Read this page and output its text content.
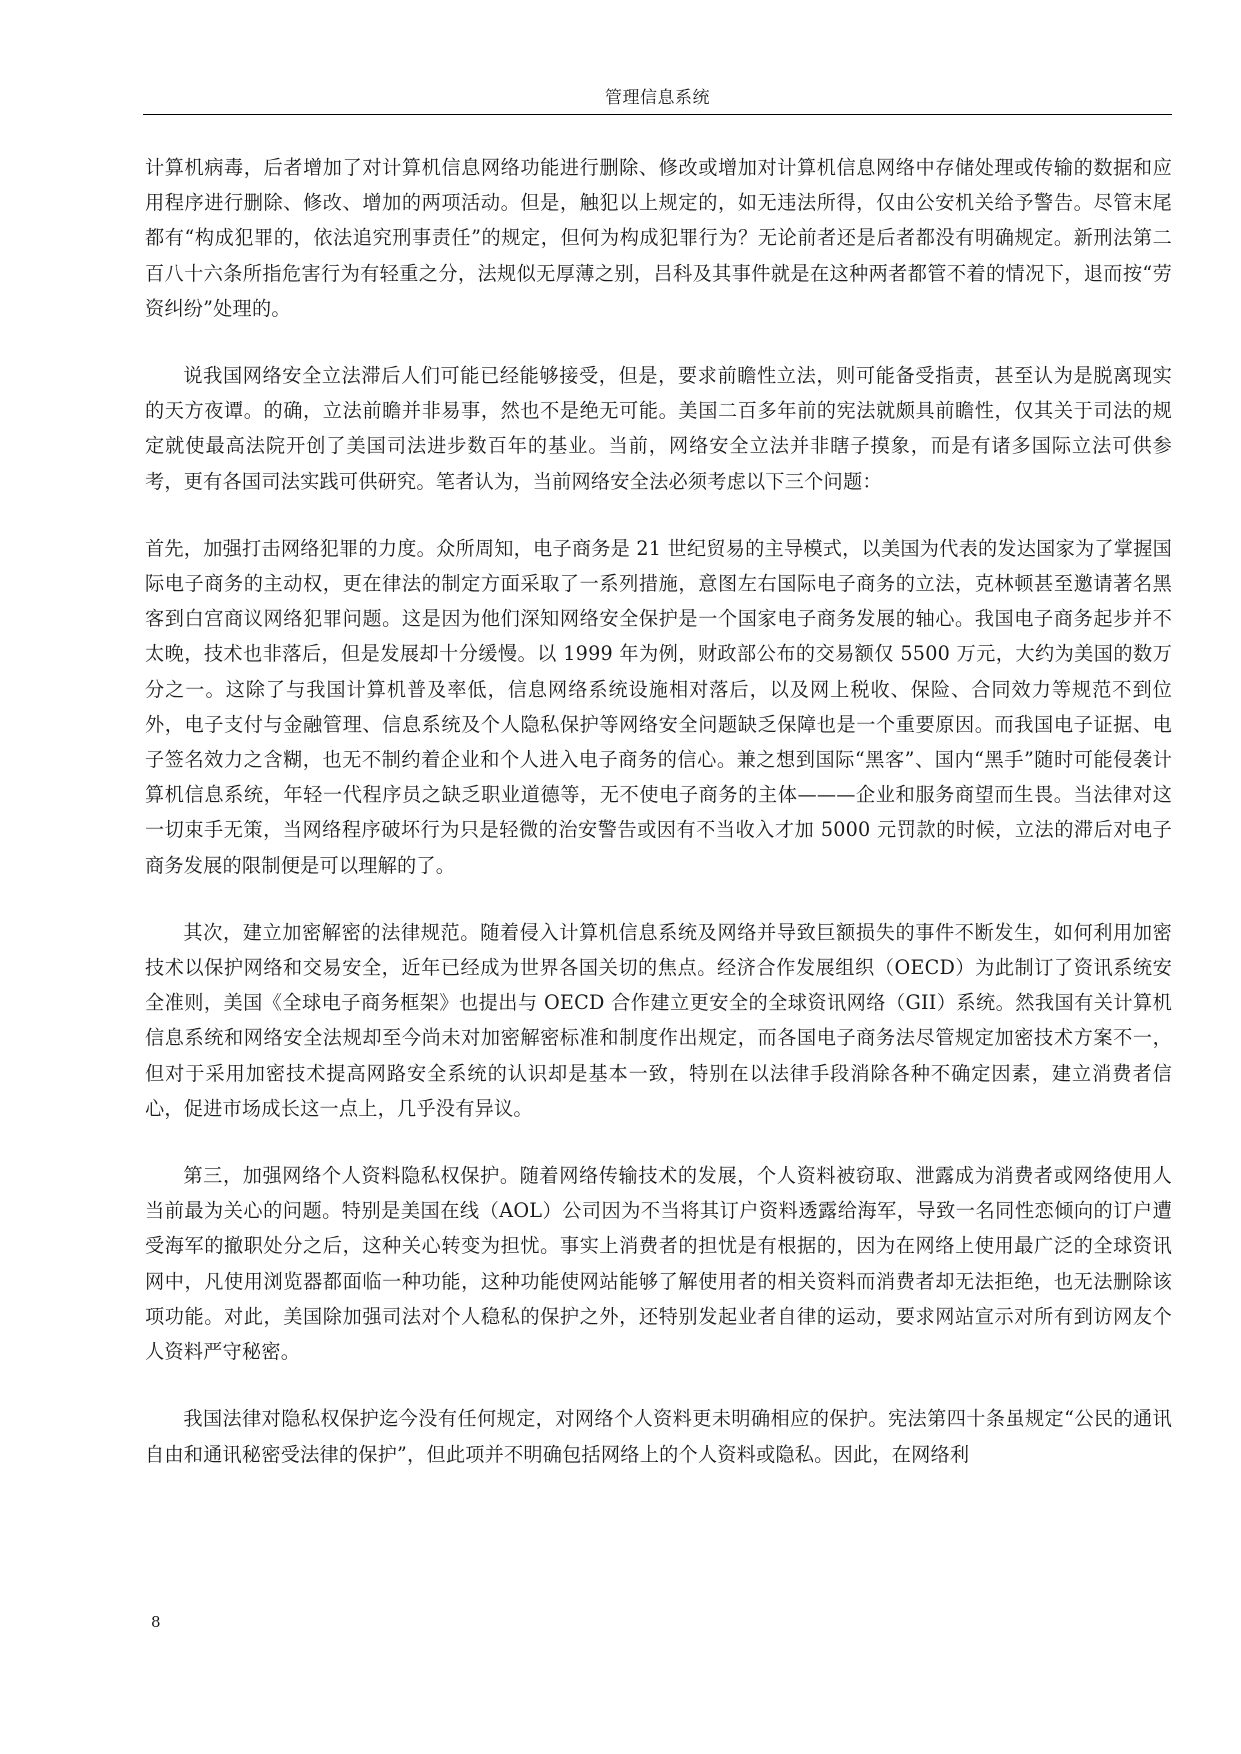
管理信息系统

计算机病毒，后者增加了对计算机信息网络功能进行删除、修改或增加对计算机信息网络中存储处理或传输的数据和应用程序进行删除、修改、增加的两项活动。但是，触犯以上规定的，如无违法所得，仅由公安机关给予警告。尽管末尾都有“构成犯罪的，依法追究刑事责任”的规定，但何为构成犯罪行为？无论前者还是后者都没有明确规定。新刑法第二百八十六条所指危害行为有轻重之分，法规似无厚薄之别，吕科及其事件就是在这种两者都管不着的情况下，退而按“劳资纠纷”处理的。

说我国网络安全立法滞后人们可能已经能够接受，但是，要求前瞻性立法，则可能备受指责，甚至认为是脱离现实的天方夜谭。的确，立法前瞻并非易事，然也不是绝无可能。美国二百多年前的宪法就颇具前瞻性，仅其关于司法的规定就使最高法院开创了美国司法进步数百年的基业。当前，网络安全立法并非瞎子摸象，而是有诸多国际立法可供参考，更有各国司法实践可供研究。笔者认为，当前网络安全法必须考虑以下三个问题：

首先，加强打击网络犯罪的力度。众所周知，电子商务是 21 世纪贸易的主导模式，以美国为代表的发达国家为了掌握国际电子商务的主动权，更在律法的制定方面采取了一系列措施，意图左右国际电子商务的立法，克林顿甚至邀请著名黑客到白宫商议网络犯罪问题。这是因为他们深知网络安全保护是一个国家电子商务发展的轴心。我国电子商务起步并不太晚，技术也非落后，但是发展却十分缓慢。以 1999 年为例，财政部公布的交易额仅 5500 万元，大约为美国的数万分之一。这除了与我国计算机普及率低，信息网络系统设施相对落后，以及网上税收、保险、合同效力等规范不到位外，电子支付与金融管理、信息系统及个人隐私保护等网络安全问题缺乏保障也是一个重要原因。而我国电子证据、电子签名效力之含糊，也无不制约着企业和个人进入电子商务的信心。兼之想到国际“黑客”、国内“黑手”随时可能侵袭计算机信息系统，年轻一代程序员之缺乏职业道德等，无不使电子商务的主体———企业和服务商望而生畏。当法律对这一切束手无策，当网络程序破坏行为只是轻微的治安警告或因有不当收入才加 5000 元罚款的时候，立法的滞后对电子商务发展的限制便是可以理解的了。

其次，建立加密解密的法律规范。随着侵入计算机信息系统及网络并导致巨额损失的事件不断发生，如何利用加密技术以保护网络和交易安全，近年已经成为世界各国关切的焦点。经济合作发展组织（OECD）为此制订了资讯系统安全准则，美国《全球电子商务框架》也提出与 OECD 合作建立更安全的全球资讯网络（GII）系统。然我国有关计算机信息系统和网络安全法规却至今尚未对加密解密标准和制度作出规定，而各国电子商务法尽管规定加密技术方案不一，但对于采用加密技术提高网路安全系统的认识却是基本一致，特别在以法律手段消除各种不确定因素，建立消费者信心，促进市场成长这一点上，几乎没有异议。

第三，加强网络个人资料隐私权保护。随着网络传输技术的发展，个人资料被窃取、泄露成为消费者或网络使用人当前最为关心的问题。特别是美国在线（AOL）公司因为不当将其订户资料透露给海军，导致一名同性恋倾向的订户遭受海军的撤职处分之后，这种关心转变为担忧。事实上消费者的担忧是有根据的，因为在网络上使用最广泛的全球资讯网中，凡使用浏览器都面临一种功能，这种功能使网站能够了解使用者的相关资料而消费者却无法拒绝，也无法删除该项功能。对此，美国除加强司法对个人稳私的保护之外，还特别发起业者自律的运动，要求网站宣示对所有到访网友个人资料严守秘密。

我国法律对隐私权保护迄今没有任何规定，对网络个人资料更未明确相应的保护。宪法第四十条虽规定“公民的通讯自由和通讯秘密受法律的保护”，但此项并不明确包括网络上的个人资料或隐私。因此，在网络利

8
